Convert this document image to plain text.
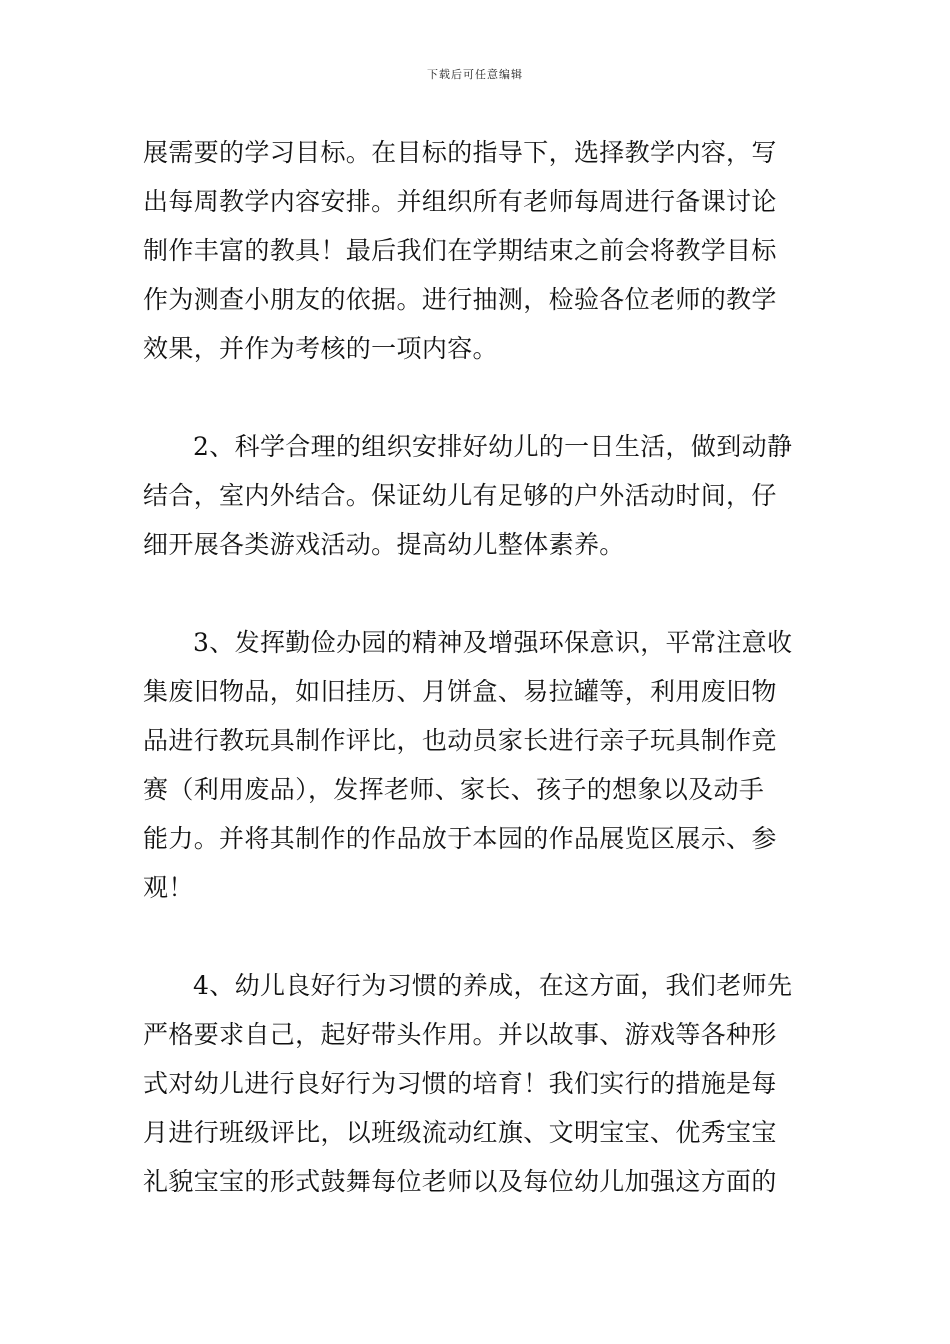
下载后可任意编辑
展需要的学习目标。在目标的指导下，选择教学内容，写
出每周教学内容安排。并组织所有老师每周进行备课讨论
制作丰富的教具！最后我们在学期结束之前会将教学目标
作为测查小朋友的依据。进行抽测，检验各位老师的教学
效果，并作为考核的一项内容。
2、科学合理的组织安排好幼儿的一日生活，做到动静
结合，室内外结合。保证幼儿有足够的户外活动时间，仔
细开展各类游戏活动。提高幼儿整体素养。
3、发挥勤俭办园的精神及增强环保意识，平常注意收
集废旧物品，如旧挂历、月饼盒、易拉罐等，利用废旧物
品进行教玩具制作评比，也动员家长进行亲子玩具制作竞
赛（利用废品），发挥老师、家长、孩子的想象以及动手
能力。并将其制作的作品放于本园的作品展览区展示、参
观！
4、幼儿良好行为习惯的养成，在这方面，我们老师先
严格要求自己，起好带头作用。并以故事、游戏等各种形
式对幼儿进行良好行为习惯的培育！我们实行的措施是每
月进行班级评比，以班级流动红旗、文明宝宝、优秀宝宝
礼貌宝宝的形式鼓舞每位老师以及每位幼儿加强这方面的
